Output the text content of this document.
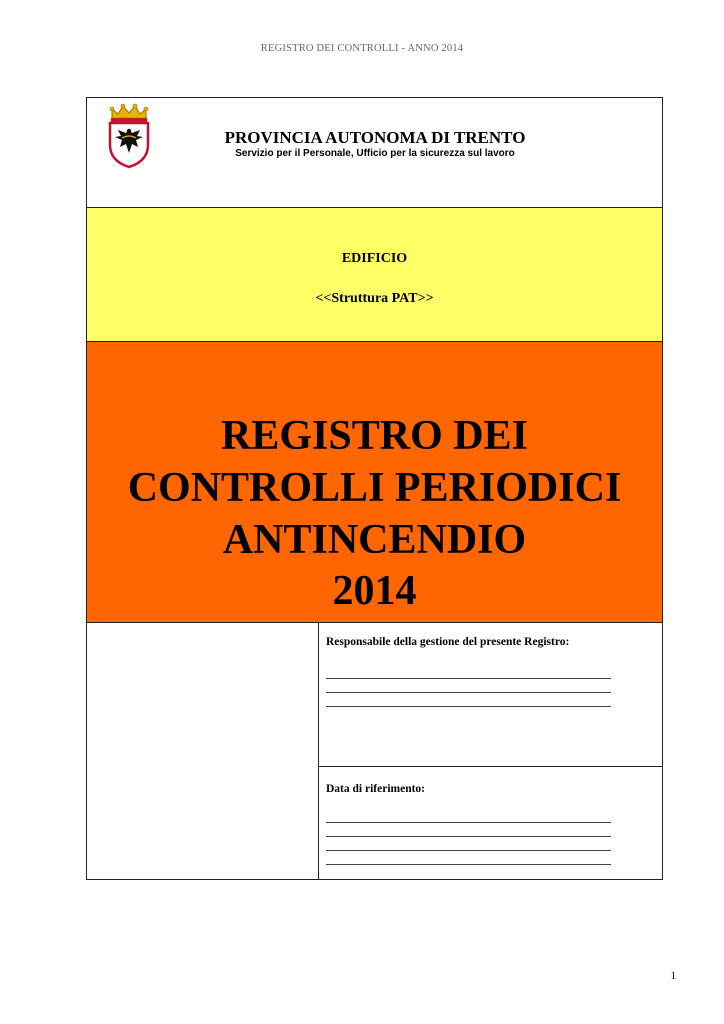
REGISTRO DEI CONTROLLI - ANNO 2014
PROVINCIA AUTONOMA DI TRENTO
Servizio per il Personale, Ufficio per la sicurezza sul lavoro
EDIFICIO
<<Struttura PAT>>
REGISTRO DEI
CONTROLLI PERIODICI
ANTINCENDIO
2014
Responsabile della gestione del presente Registro:
Data di riferimento:
1
